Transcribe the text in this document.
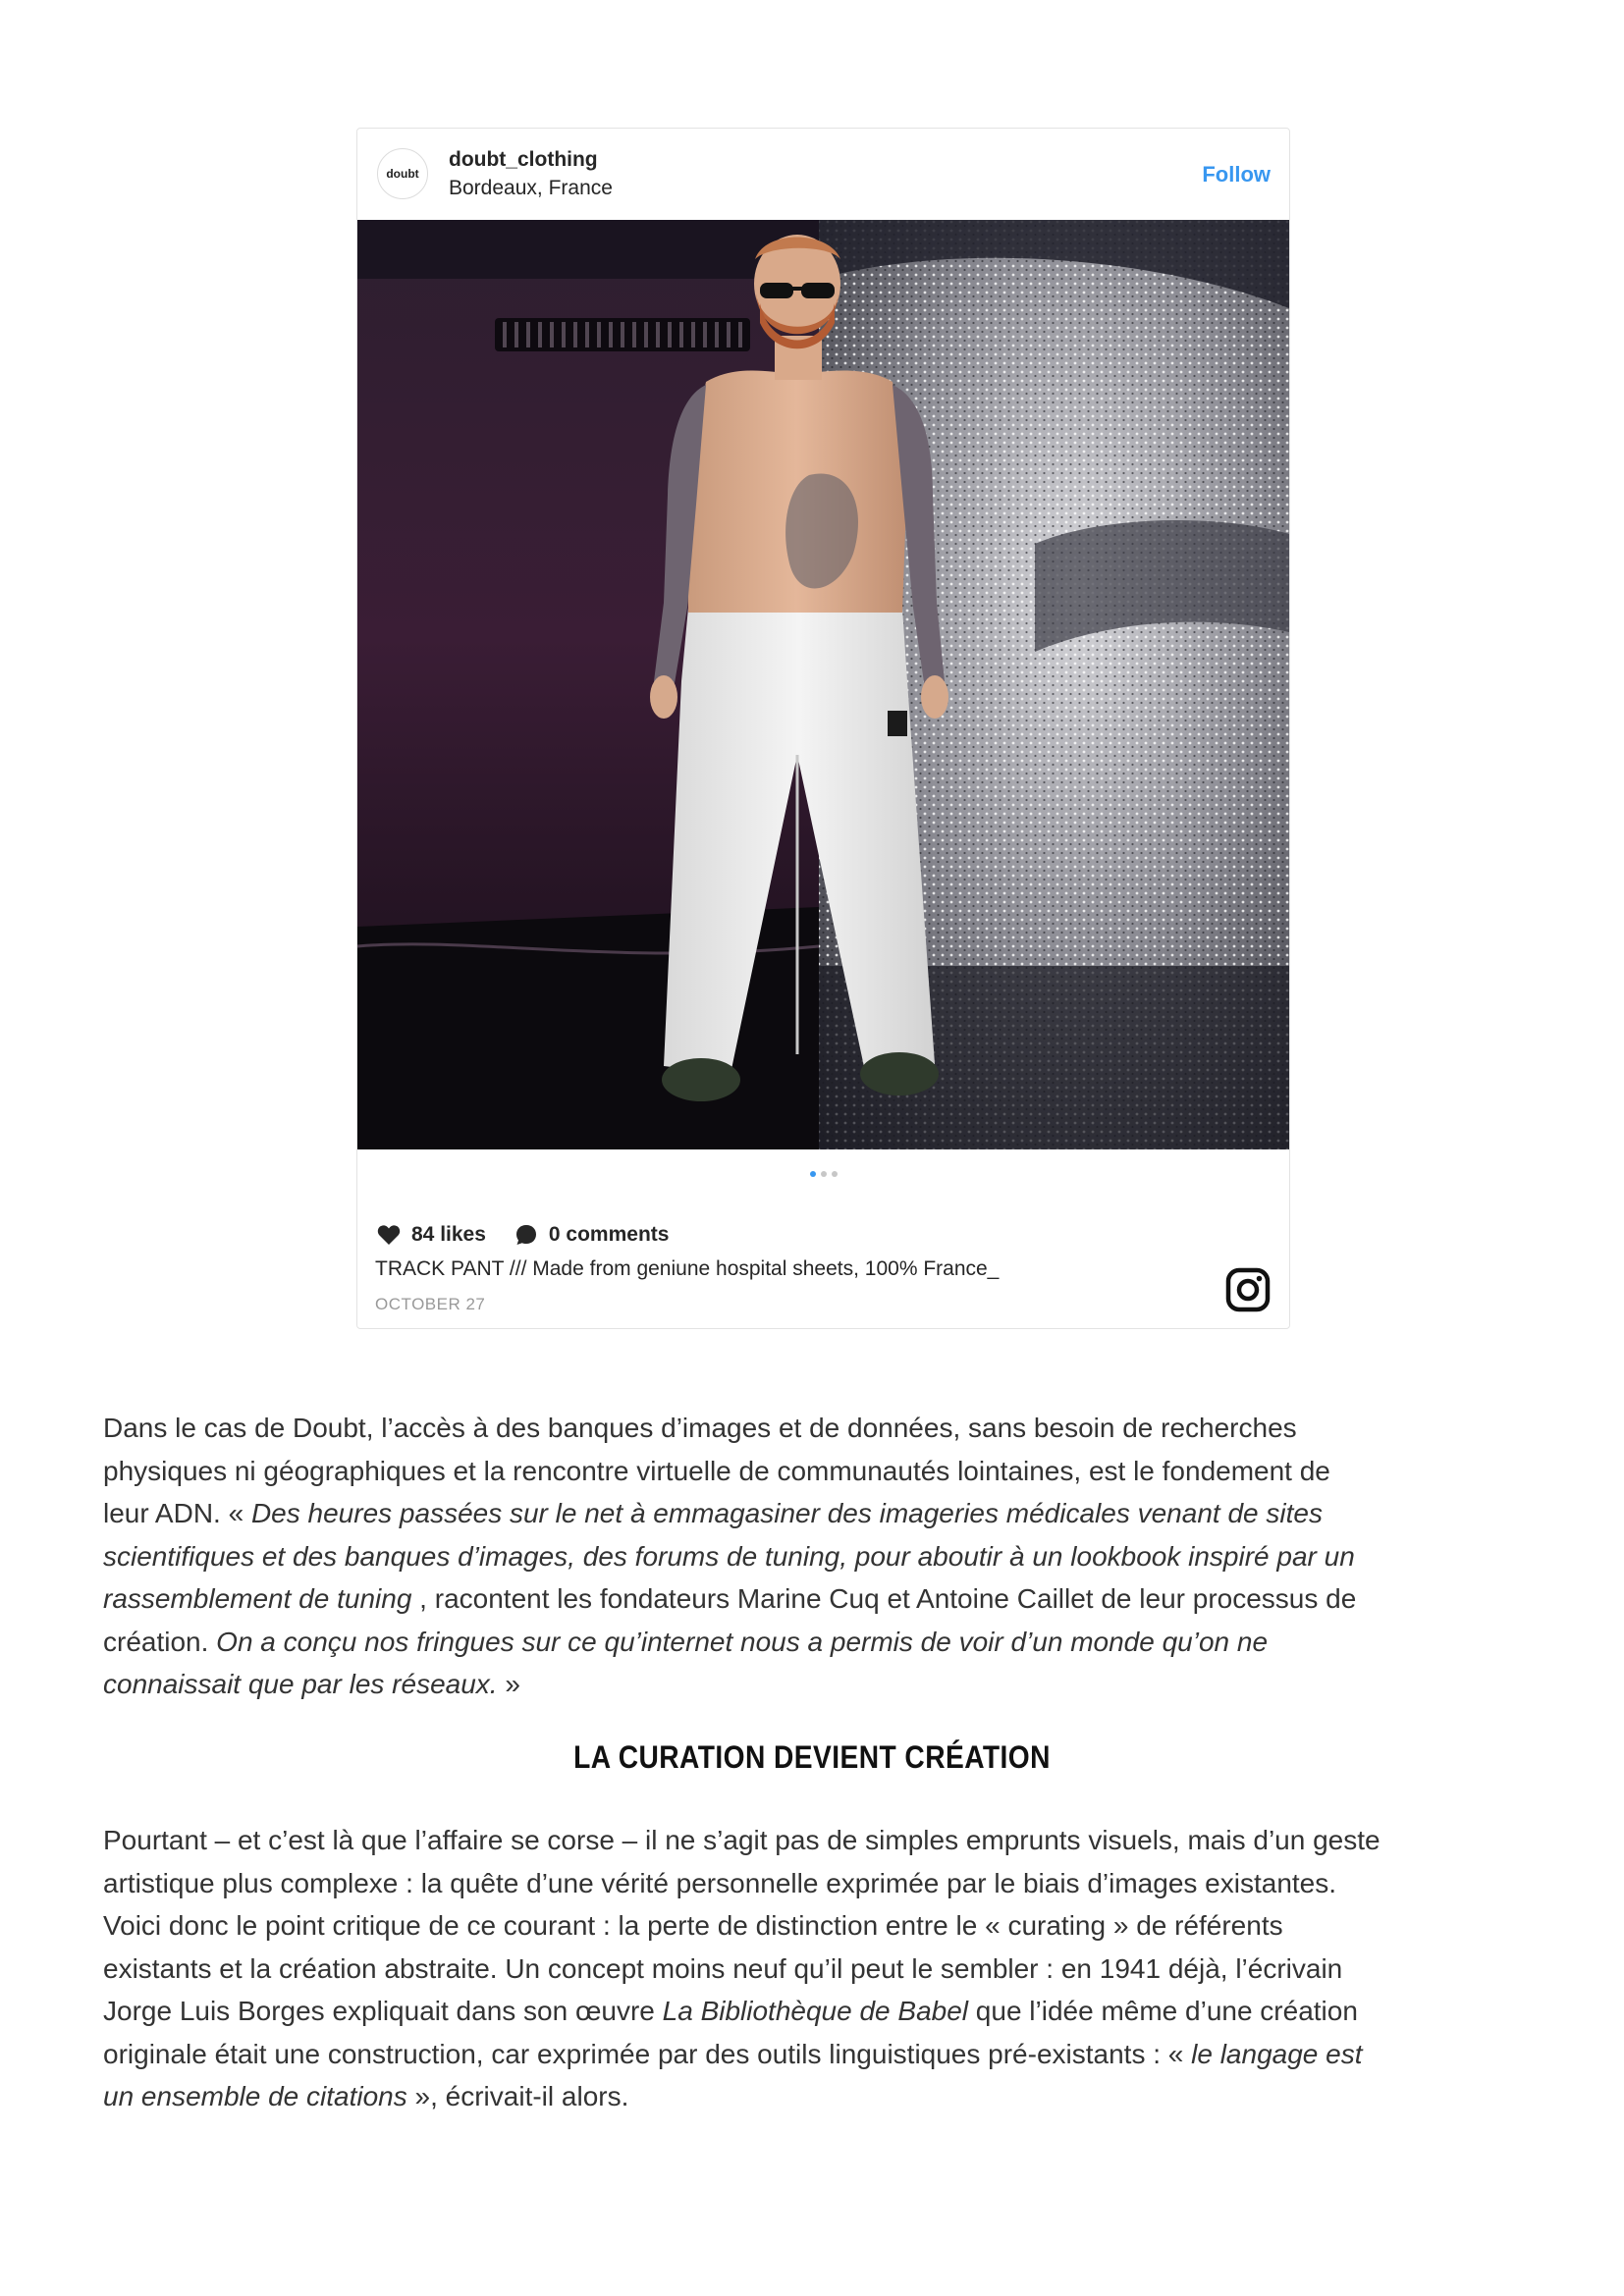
doubt
doubt_clothing
Bordeaux, France
Follow
84 likes	0 comments
TRACK PANT /// Made from geniune hospital sheets, 100% France_
OCTOBER 27

Dans le cas de Doubt, l’accès à des banques d’images et de données, sans besoin de recherches
physiques ni géographiques et la rencontre virtuelle de communautés lointaines, est le fondement de
leur ADN. « Des heures passées sur le net à emmagasiner des imageries médicales venant de sites
scientifiques et des banques d’images, des forums de tuning, pour aboutir à un lookbook inspiré par un
rassemblement de tuning , racontent les fondateurs Marine Cuq et Antoine Caillet de leur processus de
création. On a conçu nos fringues sur ce qu’internet nous a permis de voir d’un monde qu’on ne
connaissait que par les réseaux. »

LA CURATION DEVIENT CRÉATION

Pourtant – et c’est là que l’affaire se corse – il ne s’agit pas de simples emprunts visuels, mais d’un geste
artistique plus complexe : la quête d’une vérité personnelle exprimée par le biais d’images existantes.
Voici donc le point critique de ce courant : la perte de distinction entre le « curating » de référents
existants et la création abstraite. Un concept moins neuf qu’il peut le sembler : en 1941 déjà, l’écrivain
Jorge Luis Borges expliquait dans son œuvre La Bibliothèque de Babel que l’idée même d’une création
originale était une construction, car exprimée par des outils linguistiques pré-existants : « le langage est
un ensemble de citations », écrivait-il alors.
